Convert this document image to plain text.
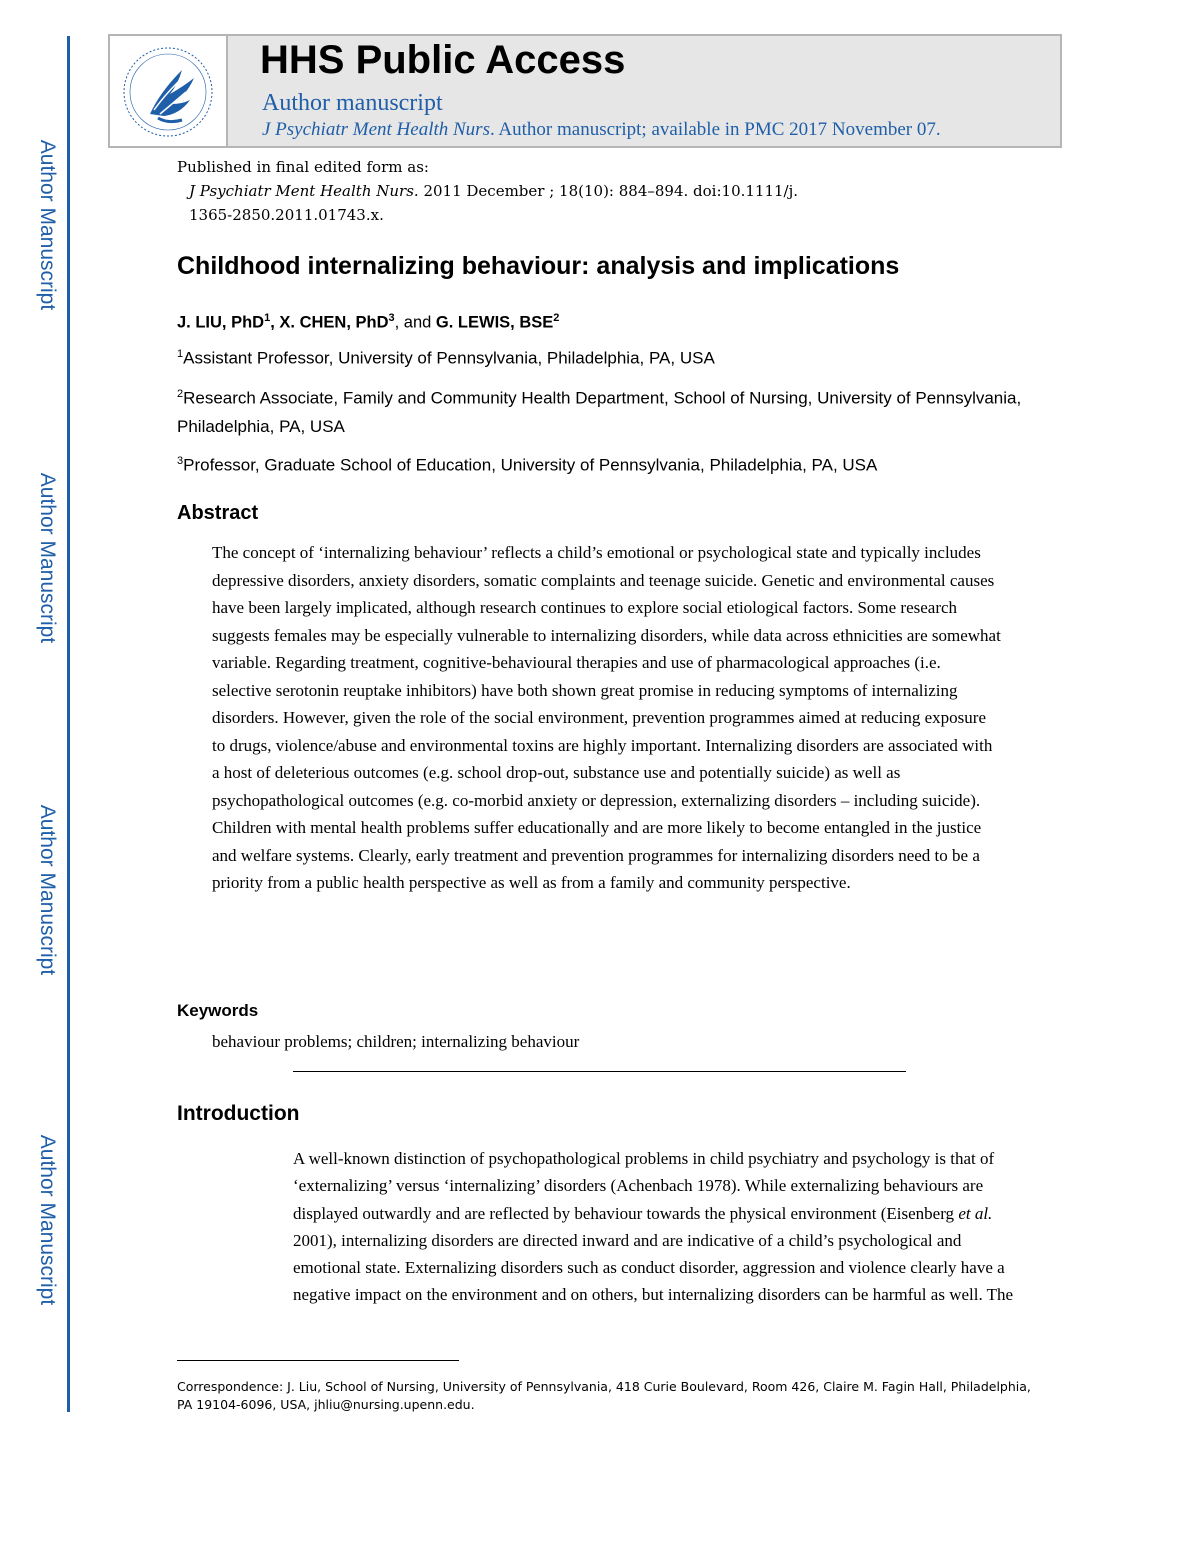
Author Manuscript
Author Manuscript
Author Manuscript
Author Manuscript
HHS Public Access
Author manuscript
J Psychiatr Ment Health Nurs. Author manuscript; available in PMC 2017 November 07.
Published in final edited form as:
J Psychiatr Ment Health Nurs. 2011 December ; 18(10): 884–894. doi:10.1111/j.
1365-2850.2011.01743.x.
Childhood internalizing behaviour: analysis and implications
J. LIU, PhD$^1$, X. CHEN, PhD$^3$, and G. LEWIS, BSE$^2$
$^1$Assistant Professor, University of Pennsylvania, Philadelphia, PA, USA
$^2$Research Associate, Family and Community Health Department, School of Nursing, University of Pennsylvania, Philadelphia, PA, USA
$^3$Professor, Graduate School of Education, University of Pennsylvania, Philadelphia, PA, USA
Abstract
The concept of ‘internalizing behaviour’ reflects a child’s emotional or psychological state and typically includes depressive disorders, anxiety disorders, somatic complaints and teenage suicide. Genetic and environmental causes have been largely implicated, although research continues to explore social etiological factors. Some research suggests females may be especially vulnerable to internalizing disorders, while data across ethnicities are somewhat variable. Regarding treatment, cognitive-behavioural therapies and use of pharmacological approaches (i.e. selective serotonin reuptake inhibitors) have both shown great promise in reducing symptoms of internalizing disorders. However, given the role of the social environment, prevention programmes aimed at reducing exposure to drugs, violence/abuse and environmental toxins are highly important. Internalizing disorders are associated with a host of deleterious outcomes (e.g. school drop-out, substance use and potentially suicide) as well as psychopathological outcomes (e.g. co-morbid anxiety or depression, externalizing disorders – including suicide). Children with mental health problems suffer educationally and are more likely to become entangled in the justice and welfare systems. Clearly, early treatment and prevention programmes for internalizing disorders need to be a priority from a public health perspective as well as from a family and community perspective.
Keywords
behaviour problems; children; internalizing behaviour
Introduction
A well-known distinction of psychopathological problems in child psychiatry and psychology is that of ‘externalizing’ versus ‘internalizing’ disorders (Achenbach 1978). While externalizing behaviours are displayed outwardly and are reflected by behaviour towards the physical environment (Eisenberg et al. 2001), internalizing disorders are directed inward and are indicative of a child’s psychological and emotional state. Externalizing disorders such as conduct disorder, aggression and violence clearly have a negative impact on the environment and on others, but internalizing disorders can be harmful as well. The
Correspondence: J. Liu, School of Nursing, University of Pennsylvania, 418 Curie Boulevard, Room 426, Claire M. Fagin Hall, Philadelphia, PA 19104-6096, USA, jhliu@nursing.upenn.edu.
